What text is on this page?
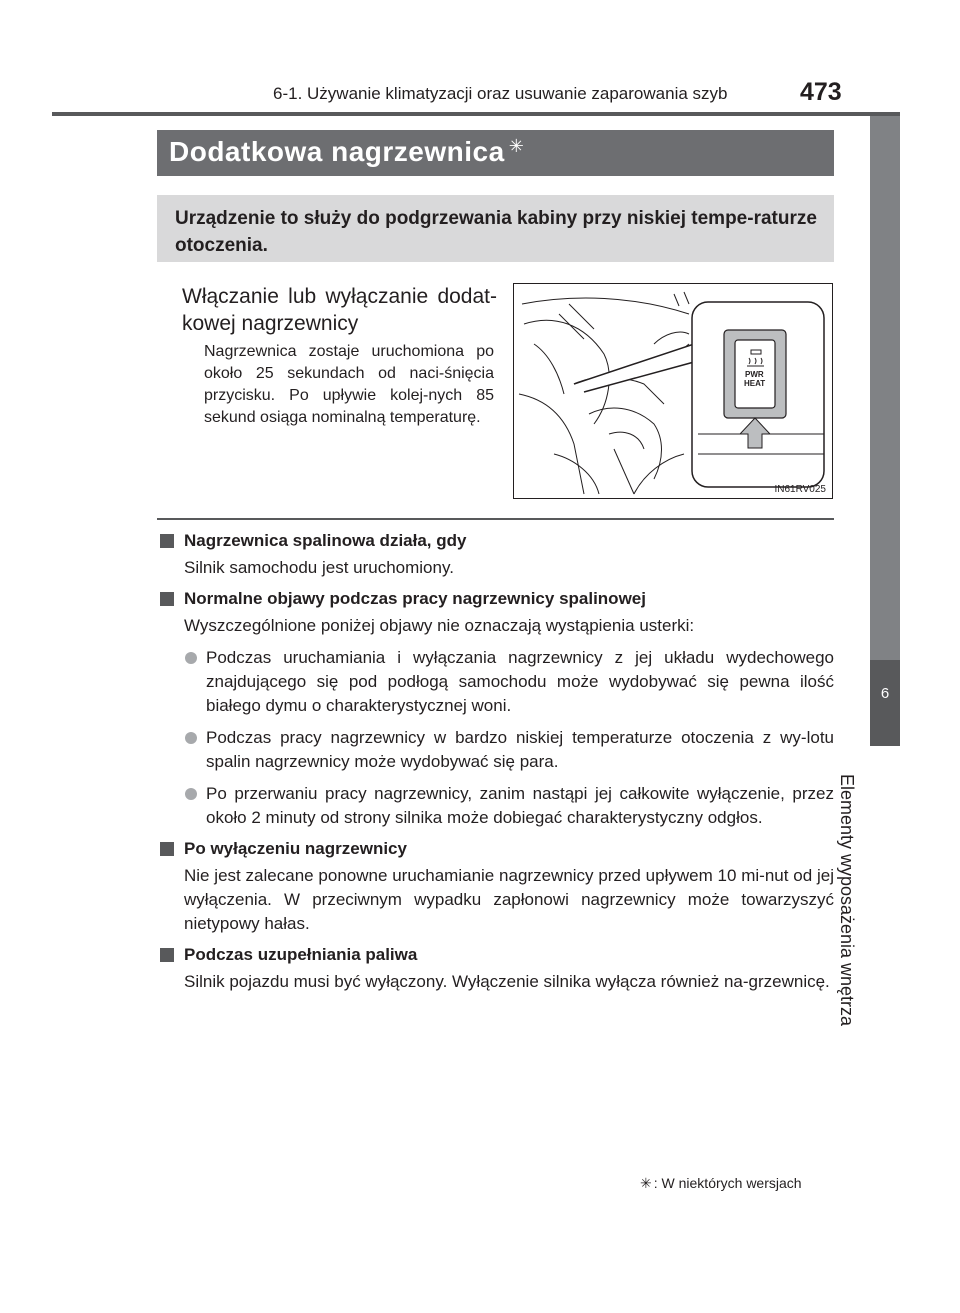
6-1. Używanie klimatyzacji oraz usuwanie zaparowania szyb	473
6
Elementy wyposażenia wnętrza
Dodatkowa nagrzewnica ✳
Urządzenie to służy do podgrzewania kabiny przy niskiej tempe-raturze otoczenia.
Włączanie lub wyłączanie dodat-kowej nagrzewnicy
Nagrzewnica zostaje uruchomiona po około 25 sekundach od naci-śnięcia przycisku. Po upływie kolej-nych 85 sekund osiąga nominalną temperaturę.
PWR
HEAT
IN61RV025
Nagrzewnica spalinowa działa, gdy
Silnik samochodu jest uruchomiony.
Normalne objawy podczas pracy nagrzewnicy spalinowej
Wyszczególnione poniżej objawy nie oznaczają wystąpienia usterki:
Podczas uruchamiania i wyłączania nagrzewnicy z jej układu wydechowego znajdującego się pod podłogą samochodu może wydobywać się pewna ilość białego dymu o charakterystycznej woni.
Podczas pracy nagrzewnicy w bardzo niskiej temperaturze otoczenia z wy-lotu spalin nagrzewnicy może wydobywać się para.
Po przerwaniu pracy nagrzewnicy, zanim nastąpi jej całkowite wyłączenie, przez około 2 minuty od strony silnika może dobiegać charakterystyczny odgłos.
Po wyłączeniu nagrzewnicy
Nie jest zalecane ponowne uruchamianie nagrzewnicy przed upływem 10 mi-nut od jej wyłączenia. W przeciwnym wypadku zapłonowi nagrzewnicy może towarzyszyć nietypowy hałas.
Podczas uzupełniania paliwa
Silnik pojazdu musi być wyłączony. Wyłączenie silnika wyłącza również na-grzewnicę.
✳ : W niektórych wersjach
